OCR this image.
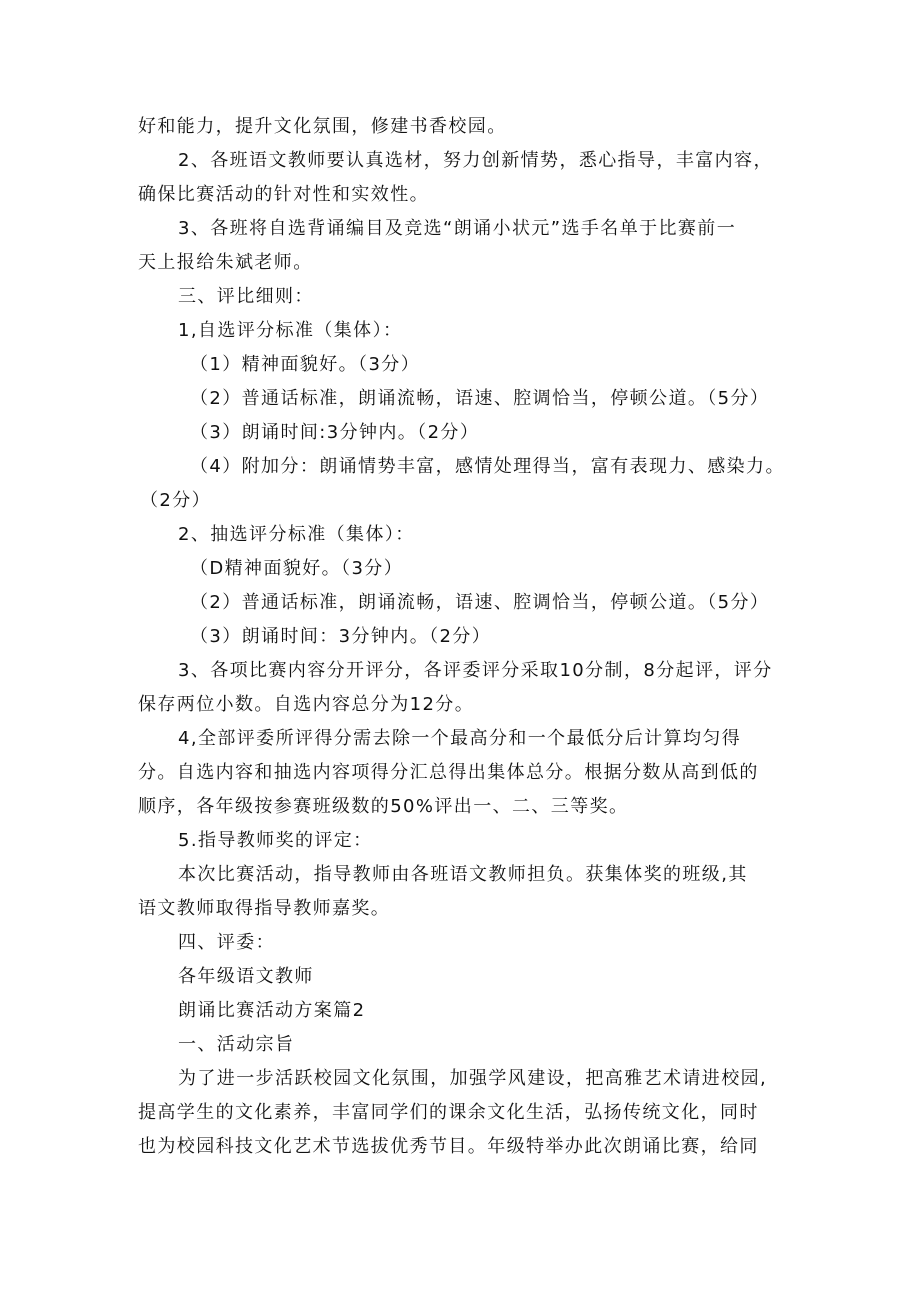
好和能力，提升文化氛围，修建书香校园。
2、各班语文教师要认真选材，努力创新情势，悉心指导，丰富内容，
确保比赛活动的针对性和实效性。
3、各班将自选背诵编目及竞选“朗诵小状元”选手名单于比赛前一
天上报给朱斌老师。
三、评比细则：
1,自选评分标准（集体）：
（1）精神面貌好。（3分）
（2）普通话标准，朗诵流畅，语速、腔调恰当，停顿公道。（5分）
（3）朗诵时间:3分钟内。（2分）
（4）附加分：朗诵情势丰富，感情处理得当，富有表现力、感染力。
（2分）
2、抽选评分标准（集体）：
（D精神面貌好。（3分）
（2）普通话标准，朗诵流畅，语速、腔调恰当，停顿公道。（5分）
（3）朗诵时间：3分钟内。（2分）
3、各项比赛内容分开评分，各评委评分采取10分制，8分起评，评分
保存两位小数。自选内容总分为12分。
4,全部评委所评得分需去除一个最高分和一个最低分后计算均匀得
分。自选内容和抽选内容项得分汇总得出集体总分。根据分数从高到低的
顺序，各年级按参赛班级数的50%评出一、二、三等奖。
5.指导教师奖的评定：
本次比赛活动，指导教师由各班语文教师担负。获集体奖的班级,其
语文教师取得指导教师嘉奖。
四、评委：
各年级语文教师
朗诵比赛活动方案篇2
一、活动宗旨
为了进一步活跃校园文化氛围，加强学风建设，把高雅艺术请进校园,
提高学生的文化素养，丰富同学们的课余文化生活，弘扬传统文化，同时
也为校园科技文化艺术节选拔优秀节目。年级特举办此次朗诵比赛，给同
